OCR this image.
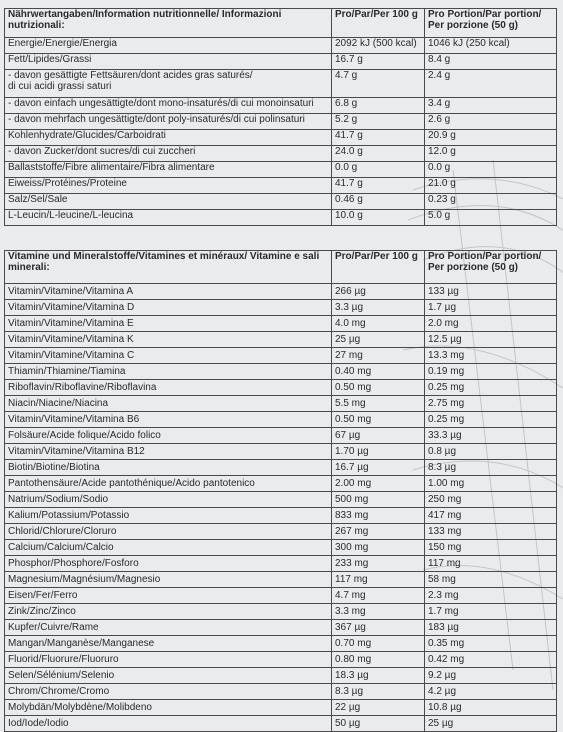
Nährwertangaben/Information nutritionnelle/ Informazioni nutrizionali:	Pro/Par/Per 100 g	Pro Portion/Par portion/ Per porzione (50 g)
Energie/Energie/Energia	2092 kJ (500 kcal)	1046 kJ (250 kcal)
Fett/Lipides/Grassi	16.7 g	8.4 g
- davon gesättigte Fettsäuren/dont acides gras saturés/
di cui acidi grassi saturi	4.7 g	2.4 g
- davon einfach ungesättigte/dont mono-insaturés/di cui monoinsaturi	6.8 g	3.4 g
- davon mehrfach ungesättigte/dont poly-insaturés/di cui polinsaturi	5.2 g	2.6 g
Kohlenhydrate/Glucides/Carboidrati	41.7 g	20.9 g
- davon Zucker/dont sucres/di cui zuccheri	24.0 g	12.0 g
Ballaststoffe/Fibre alimentaire/Fibra alimentare	0.0 g	0.0 g
Eiweiss/Protéines/Proteine	41.7 g	21.0 g
Salz/Sel/Sale	0.46 g	0.23 g
L-Leucin/L-leucine/L-leucina	10.0 g	5.0 g
Vitamine und Mineralstoffe/Vitamines et minéraux/ Vitamine e sali minerali:	Pro/Par/Per 100 g	Pro Portion/Par portion/ Per porzione (50 g)
Vitamin/Vitamine/Vitamina A	266 µg	133 µg
Vitamin/Vitamine/Vitamina D	3.3 µg	1.7 µg
Vitamin/Vitamine/Vitamina E	4.0 mg	2.0 mg
Vitamin/Vitamine/Vitamina K	25 µg	12.5 µg
Vitamin/Vitamine/Vitamina C	27 mg	13.3 mg
Thiamin/Thiamine/Tiamina	0.40 mg	0.19 mg
Riboflavin/Riboflavine/Riboflavina	0.50 mg	0.25 mg
Niacin/Niacine/Niacina	5.5 mg	2.75 mg
Vitamin/Vitamine/Vitamina B6	0.50 mg	0.25 mg
Folsäure/Acide folique/Acido folico	67 µg	33.3 µg
Vitamin/Vitamine/Vitamina B12	1.70 µg	0.8 µg
Biotin/Biotine/Biotina	16.7 µg	8.3 µg
Pantothensäure/Acide pantothénique/Acido pantotenico	2.00 mg	1.00 mg
Natrium/Sodium/Sodio	500 mg	250 mg
Kalium/Potassium/Potassio	833 mg	417 mg
Chlorid/Chlorure/Cloruro	267 mg	133 mg
Calcium/Calcium/Calcio	300 mg	150 mg
Phosphor/Phosphore/Fosforo	233 mg	117 mg
Magnesium/Magnésium/Magnesio	117 mg	58 mg
Eisen/Fer/Ferro	4.7 mg	2.3 mg
Zink/Zinc/Zinco	3.3 mg	1.7 mg
Kupfer/Cuivre/Rame	367 µg	183 µg
Mangan/Manganèse/Manganese	0.70 mg	0.35 mg
Fluorid/Fluorure/Fluoruro	0.80 mg	0.42 mg
Selen/Sélénium/Selenio	18.3 µg	9.2 µg
Chrom/Chrome/Cromo	8.3 µg	4.2 µg
Molybdän/Molybdène/Molibdeno	22 µg	10.8 µg
Iod/Iode/Iodio	50 µg	25 µg
